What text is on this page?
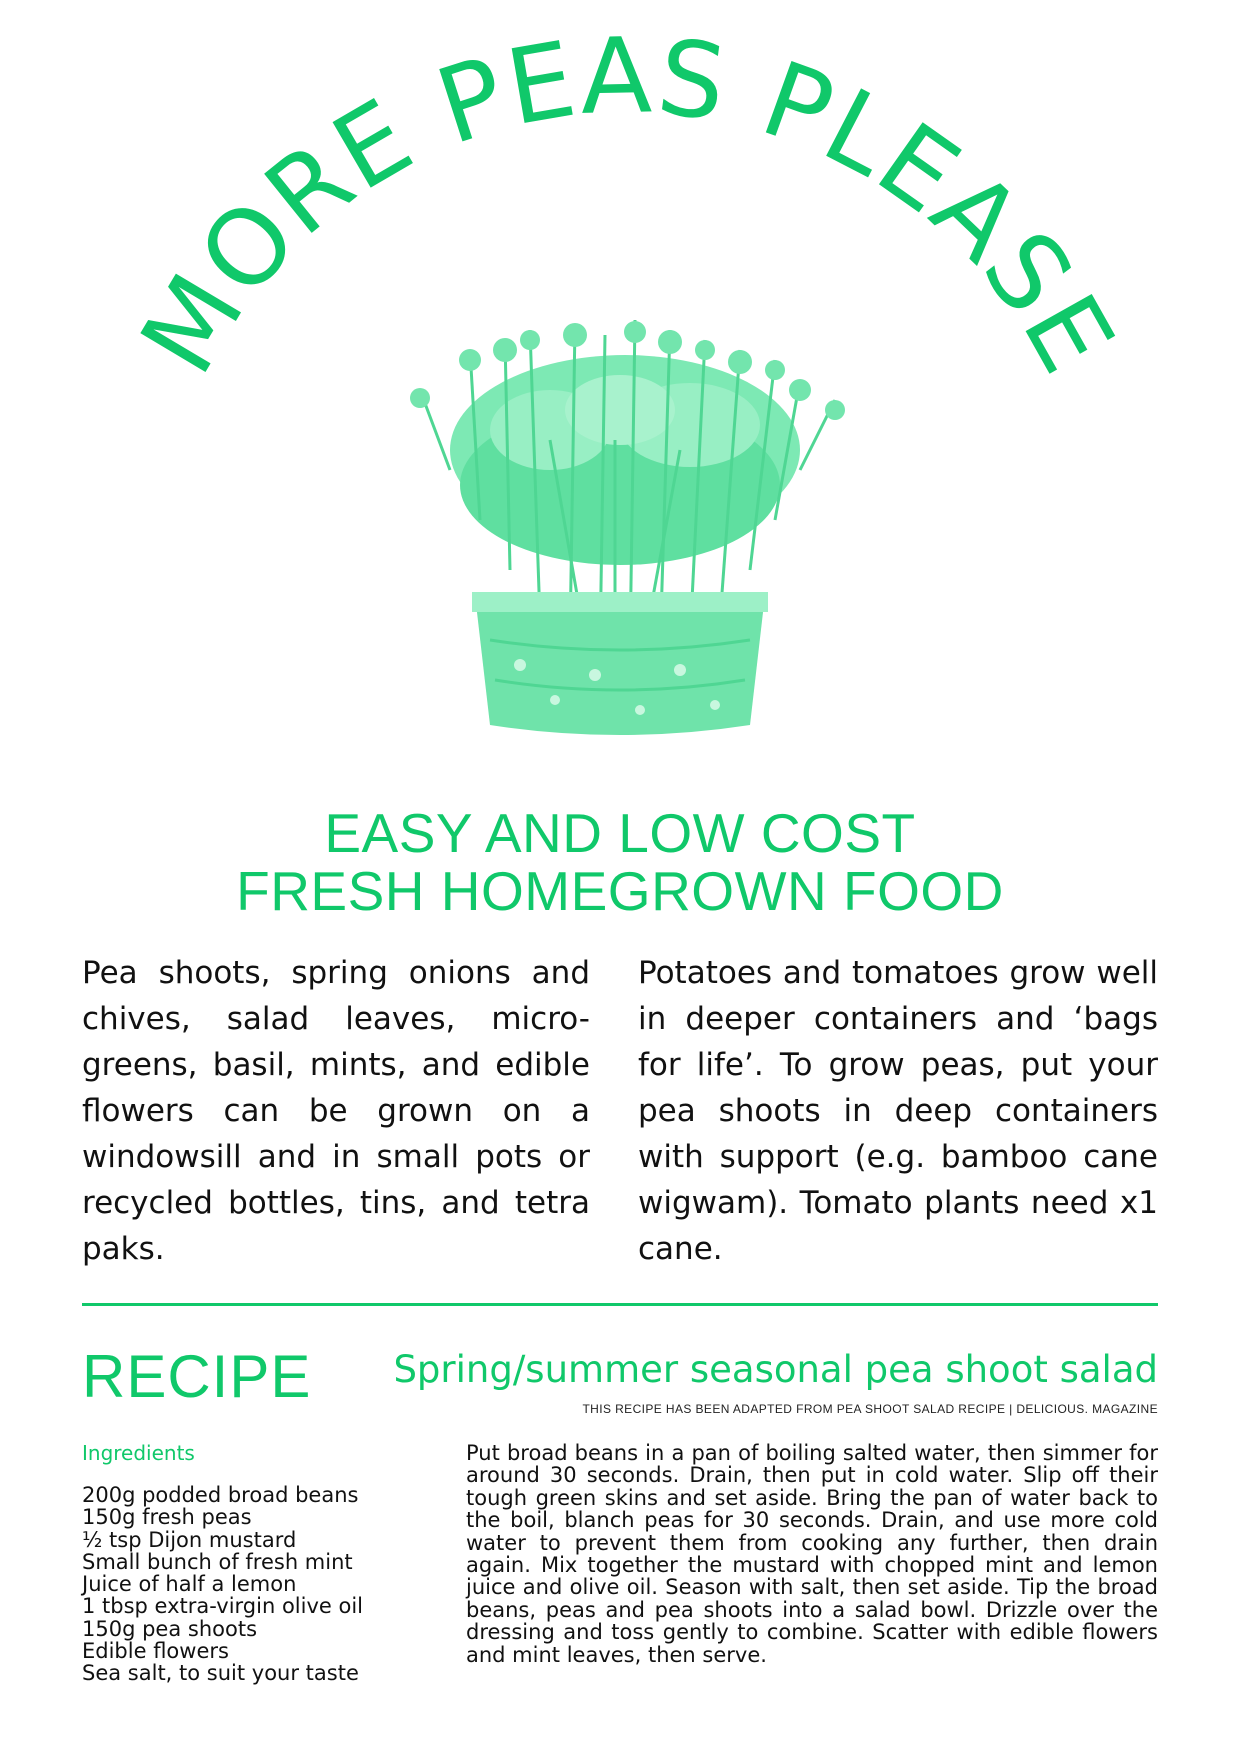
MORE PEAS PLEASE
EASY AND LOW COST
FRESH HOMEGROWN FOOD
Pea shoots, spring onions and chives, salad leaves, micro-greens, basil, mints, and edible flowers can be grown on a windowsill and in small pots or recycled bottles, tins, and tetra paks.
Potatoes and tomatoes grow well in deeper containers and ‘bags for life’. To grow peas, put your pea shoots in deep containers with support (e.g. bamboo cane wigwam). Tomato plants need x1 cane.
RECIPE Spring/summer seasonal pea shoot salad
THIS RECIPE HAS BEEN ADAPTED FROM PEA SHOOT SALAD RECIPE | DELICIOUS. MAGAZINE
Ingredients
200g podded broad beans
150g fresh peas
½ tsp Dijon mustard
Small bunch of fresh mint
Juice of half a lemon
1 tbsp extra-virgin olive oil
150g pea shoots
Edible flowers
Sea salt, to suit your taste
Put broad beans in a pan of boiling salted water, then simmer for around 30 seconds. Drain, then put in cold water. Slip off their tough green skins and set aside. Bring the pan of water back to the boil, blanch peas for 30 seconds. Drain, and use more cold water to prevent them from cooking any further, then drain again. Mix together the mustard with chopped mint and lemon juice and olive oil. Season with salt, then set aside. Tip the broad beans, peas and pea shoots into a salad bowl. Drizzle over the dressing and toss gently to combine. Scatter with edible flowers and mint leaves, then serve.
